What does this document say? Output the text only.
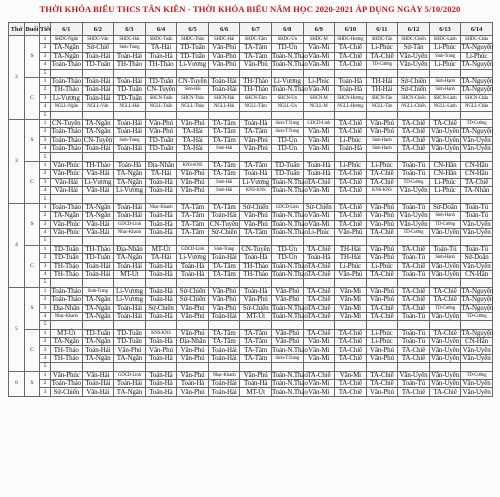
THỜI KHÓA BIỂU THCS TÂN KIÊN - THỜI KHÓA BIỂU NĂM HỌC 2020-2021 ÁP DỤNG NGÀY 5/10/2020
Thứ	Buổi	Tiết	6/1	6/2	6/3	6/4	6/5	6/6	6/7	6/8	6/9	6/10	6/11	6/12	6/13	6/14
2	S	1	SHDC-Ngân	SHDC-Vân	SHDC-Hài	SHDC-Tuấn	SHDC-Thảo	SHDC-Hải	SHDC-Tâm	SHDC-Ún	SHDC-M	SHDC-Hương	SHDC-Tân	SHDC-Chiến	SHDC-Lành	SHDC-Châu
		2	TA-Ngân	Sử-Chiê	Sinh-Trang	TA-Hải	TD-Tuấn	Văn-Phú	TA-Tâm	TD-Ún	Văn-Mi	TA-Chiê	Li-Phúc	Sử-Tân	Li-Phúc	TA-Nguyện
		3	TA-Ngân	Toán-Hải	Toán-Hải	Toán-Hà	TD-Tuấn	Văn-Phú	TA-Tâm	Toán-N.Thảo	Văn-Mi	TA-Chiê	TA-Chiê	Văn-Uyên	Sinh-Trang	Li-Phúc
		4	Toán-Thảo	TD-Tuấn	TH-Thảo	TH-Thảo	Li-Vương	Văn-Phú	Văn-Phú	Toán-N.Thảo	Văn-Mi	TA-Chiê	TD-Cường	Văn-Uyên	Li-Phúc	TA-Nguyện
		5														
	C	1	Toán-Thảo	Toán-Hải	Toán-Hải	TD-Tuấn	CN-Tuyền	Toán-Hải	TH-Thảo	Li-Vương	Li-Phúc	Toán-Hà	TH-Hải	Sử-Chiến	Sinh-Hạnh	TA-Nguyện
		2	TH-Thảo	Toán-Hải	TD-Tuấn	CN-Tuyền	Sinh-Hải	Toán-Hải	TH-Thảo	Toán-N.Thảo	Văn-Mi	Toán-Hà	TH-Hải	Sử-Chiến	Sinh-Hạnh	TA-Nguyện
		3	Li-Vương	Toán-Hải	TD-Tuấn	SHCN-Tuấn	SHCN-Thảo	SHCN-Hải	SHCN-Tâm	SHCN-Ún	SHCN-M	SHCN-Hương	SHCN-Tân	SHCN-Chiến	SHCN-Lành	SHCN-Châu
		4	NGLL-Ngân	NGLL-Vân	NGLL-Hài	NGLL-Tuấn	NGLL-Thảo	NGLL-Hải	NGLL-Tâm	NGLL-Ún	NGLL-M	NGLL-Hương	NGLL-Tân	NGLL-Chiến	NGLL-Lành	NGLL-Châu
		5														
3	S	1	CN-Tuyền	TA-Ngân	Toán-Hải	Văn-Phú	Văn-Phú	TA-Tâm	Toán-Hà	Sinh-T.Trang	GDCD-Linh	TA-Chiê	Văn-Phú	TA-Chiê	TA-Chiê	TD-Cường
		2	Toán-Thảo	TA-Ngân	Toán-Hải	Văn-Phú	TA-Hải	TA-Tâm	TA-Tâm	Sinh-T.Trang	Văn-Mi	TA-Chiê	Văn-Phú	TA-Chiê	Văn-Uyên	TA-Nguyện
		3	Toán-Thảo	CN-Tuyền	Sinh-Trang	TD-Tuấn	TA-Hải	TA-Tâm	Văn-Phú	TD-Ún	Văn-Mi	Li-Phúc	Sinh-Hạnh	TA-Chiê	Văn-Uyên	Văn-Uyên
		4	Toán-Thảo	Toán-Hải	Toán-Hải	TD-Tuấn	TA-Hải	Sinh-Hải	Văn-Phú	TD-Ún	Văn-Mi	Toán-Hà	Sinh-Hạnh	TA-Chiê	Văn-Uyên	Văn-Uyên
		5														
	C	1	Văn-Phúc	TH-Thảo	Toán-Hà	Địa-Nhân	KNS-KNS	TA-Tâm	TA-Tâm	TD-Tuấn	Toán-Hà	Li-Phúc	Li-Phúc	Toán-Tú	CN-Hân	CN-Hân
		2	Văn-Phúc	Văn-Hải	TA-Ngân	TA-Hải	Văn-Phú	TA-Tâm	Toán-Hà	TD-Tuấn	Toán-Hà	TA-Chiê	TA-Chiê	Toán-Tú	CN-Hân	CN-Hân
		3	Văn-Hải	Li-Vương	TA-Ngân	Toán-Hà	Văn-Phú	Sinh-Hải	Li-Vương	Toán-N.Thảo	TA-Chiê	TA-Chiê	TA-Chiê	TD-Cường	Li-Phúc	TA-Chiê
		4	Văn-Hải	Văn-Hải	Li-Vương	Toán-Hà	Văn-Phú	Sinh-Hải	KNS-KNS	Toán-N.Thảo	Văn-Mi	TA-Chiê	KNS-KNS	Văn-Uyên	Li-Phúc	TA-Nhân
		5														
4	S	1	Toán-Thảo	TA-Ngân	Toán-Hải	Nhạc-Khanh	TA-Tâm	TA-Tâm	Sử-Chiến	GDCD-Linh	Sử-Chiến	TA-Chiê	Văn-Phú	Toán-Tú	Sử-Doãn	Toán-Tú
		2	TA-Ngân	TA-Ngân	Toán-Hải	Toán-Hà	TA-Tâm	Toán-Hải	Văn-Phú	Toán-N.Thảo	Văn-Mi	TA-Chiê	Văn-Phú	Văn-Uyên	Sinh-Hạnh	Toán-Tú
		3	Văn-Phúc	Văn-Hải	GDCD-Linh	Toán-Hà	TA-Tâm	CN-Tuyền	Văn-Phú	Toán-N.Thảo	Văn-Mi	TA-Chiê	Văn-Phú	Văn-Uyên	TD-Cường	Văn-Uyên
		4	Văn-Phúc	Văn-Hải	Nhạc-Khanh	Toán-Hà	TA-Tâm	Sử-Chiến	TA-Tâm	Toán-N.Thảo	Li-Phúc	Văn-Phú	TA-Chiê	TD-Cường	Văn-Uyên	Văn-Uyên
		5														
	C	1	TD-Tuấn	TH-Thảo	Địa-Nhân	MT-Út	GDCD-Linh	Sinh-Trang	CN-Tuyền	TD-Ún	TA-Chiê	TH-Hải	Văn-Phú	TA-Chiê	Toán-Tú	Toán-Tú
		2	TD-Tuấn	TD-Tuấn	TA-Ngân	TA-Hải	Li-Vương	Toán-Hải	Toán-Hà	TD-Ún	Toán-Hà	TH-Hải	Văn-Phú	Toán-Tú	Sinh-Hạnh	Sử-Doãn
		3	TH-Thảo	Toán-Hải	Toán-Hải	Toán-Hà	Toán-Hà	TA-Tâm	TH-Thảo	Toán-N.Thảo	TA-Chiê	Li-Phúc	Li-Phúc	TA-Chiê	Văn-Uyên	Văn-Uyên
		4	TH-Thảo	Toán-Hải	MT-Út	Toán-Hà	Toán-Hà	TA-Tâm	TH-Thảo	Toán-N.Thảo	TA-Chiê	Văn-Phú	TA-Chiê	Toán-Tú	Văn-Uyên	CN-Hân
		5														
5	S	1	Toán-Thảo	Sinh-Trang	Li-Vương	Toán-Hà	Sử-Chiến	Văn-Phú	Toán-Hà	Văn-Phú	TA-Chiê	Văn-Mi	Văn-Phú	TA-Chiê	TA-Chiê	TA-Nguyện
		2	Toán-Thảo	TA-Ngân	Li-Vương	Toán-Hà	Sử-Chiến	Văn-Phú	Văn-Phú	Văn-Phú	TA-Chiê	Văn-Mi	Văn-Phú	TA-Chiê	TA-Chiê	TA-Nguyện
		3	Địa-Nhân	TA-Ngân	Toán-Hải	Sử-Chiến	Văn-Phú	Văn-Phú	Sử-Chiến	Toán-N.Thảo	TA-Chiê	Văn-Mi	TA-Chiê	TA-Chiê	TD-Cường	TA-Nguyện
		4	Nhạc-Khanh	TA-Ngân	Toán-Hải	Toán-Hà	Văn-Phú	Toán-Hải	MT-Út	Toán-N.Thảo	TA-Chiê	Văn-Mi	TA-Chiê	Toán-Tú	Văn-Uyên	TD-Cường
		5														
	C	1	MT-Út	TD-Tuấn	TD-Tuấn	KNS-KNS	Văn-Phú	TA-Tâm	TA-Tâm	Văn-Phú	TA-Chiê	TA-Chiê	Li-Phúc	Toán-Tú	TA-Chiê	TA-Nguyện
		2	TA-Ngân	TA-Ngân	TD-Tuấn	Toán-Hà	Địa-Nhân	TA-Tâm	TA-Tâm	Văn-Phú	Văn-Mi	TA-Chiê	Li-Phúc	Toán-Tú	Văn-Uyên	CN-Hân
		3	TH-Thảo	Toán-Hải	Văn-Phú	Văn-Phú	Văn-Phú	Toán-Hải	TA-Tâm	Toán-N.Thảo	Văn-Mi	TA-Chiê	Văn-Phú	TA-Chiê	Văn-Uyên	Văn-Uyên
		4	TH-Thảo	TA-Ngân	TA-Ngân	Toán-Hà	Văn-Phú	Toán-Hải	TA-Tâm	Sinh-T.Trang	Văn-Mi	TA-Chiê	Văn-Phú	TA-Chiê	Văn-Uyên	Văn-Uyên
		5														
6	S	1	Văn-Phúc	Văn-Hải	GDCD-Linh	Toán-Hà	Văn-Phú	Nhạc-Khanh	Văn-Phú	Toán-N.Thảo	TA-Chiê	Văn-Mi	TA-Chiê	Văn-Uyên	Văn-Uyên	TD-Cường
		2	Toán-Thảo	Toán-Hải	Toán-Hải	Toán-Hà	Toán-Hà	Toán-Hải	Toán-Hà	Toán-N.Thảo	Văn-Mi	TA-Chiê	TA-Chiê	Toán-Tú	Văn-Uyên	Văn-Uyên
		3	Sử-Chiến	Văn-Hải	TA-Ngân	Toán-Hà	Văn-Phú	Toán-Hải	MT-Út	Toán-N.Thảo	Văn-Mi	TA-Chiê	Văn-Phú	TA-Chiê	TA-Chiê	Văn-Uyên
